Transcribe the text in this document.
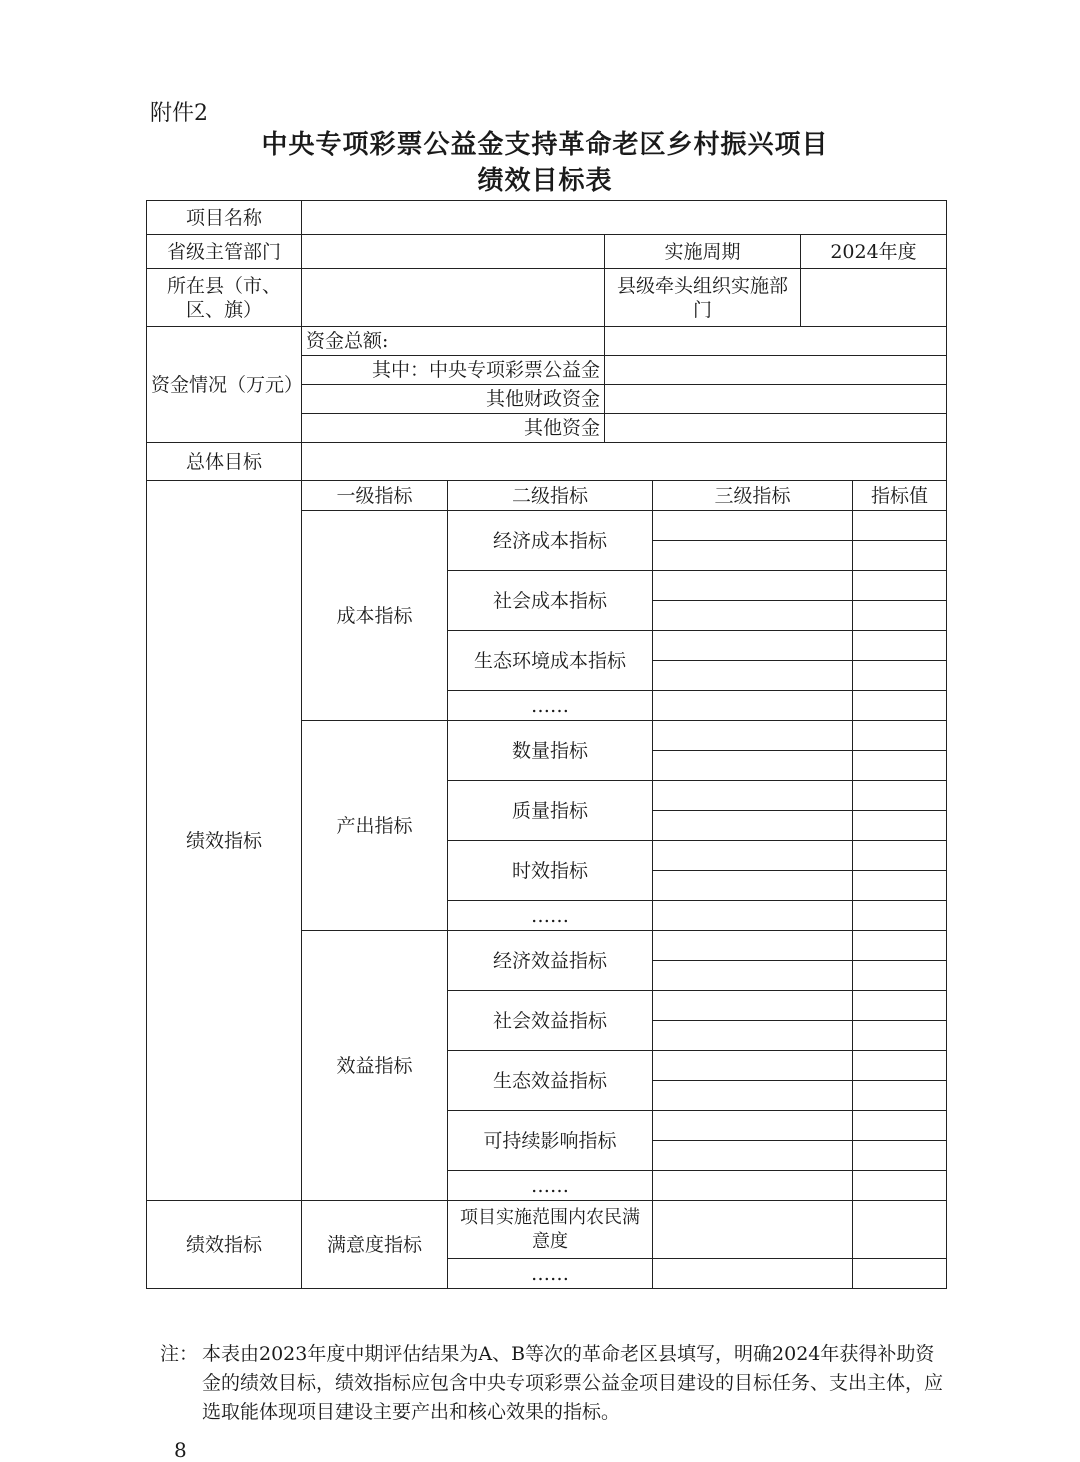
附件2
中央专项彩票公益金支持革命老区乡村振兴项目
绩效目标表
项目名称						
省级主管部门			实施周期		2024年度	
所在县（市、区、旗）			县级牵头组织实施部门			
资金情况（万元）	资金总额:					
	其中：中央专项彩票公益金					
	其他财政资金					
	其他资金					
总体目标						
绩效指标	一级指标	二级指标		三级指标		指标值
	成本指标	经济成本指标				

		社会成本指标				

		生态环境成本指标				

		……				
	产出指标	数量指标				

		质量指标				

		时效指标				

		……				
	效益指标	经济效益指标				

		社会效益指标				

		生态效益指标				

		可持续影响指标				

		……				
绩效指标	满意度指标	项目实施范围内农民满意度				
		……				
注： 本表由2023年度中期评估结果为A、B等次的革命老区县填写，明确2024年获得补助资金的绩效目标，绩效指标应包含中央专项彩票公益金项目建设的目标任务、支出主体，应选取能体现项目建设主要产出和核心效果的指标。
8
